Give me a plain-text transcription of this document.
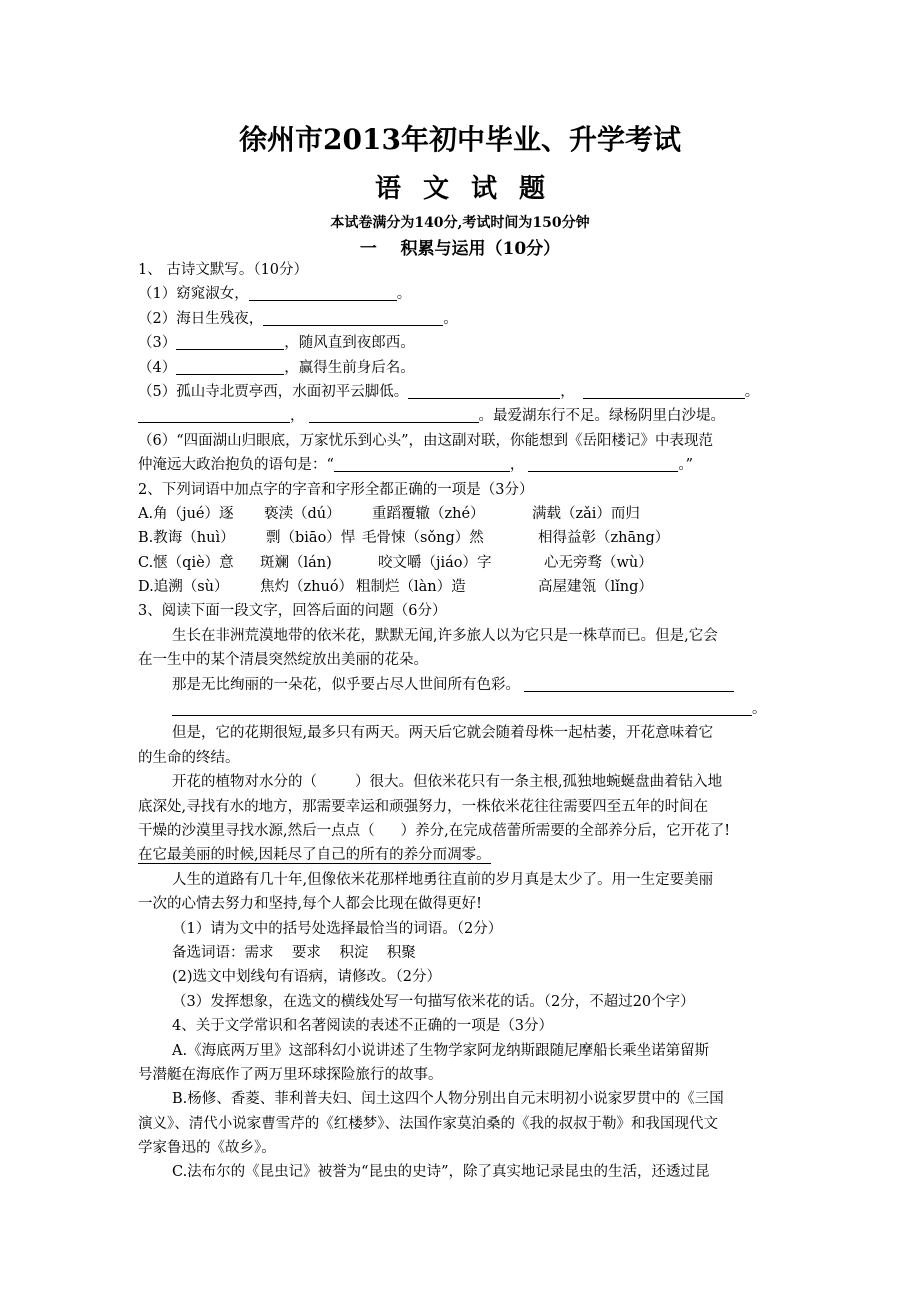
徐州市2013年初中毕业、升学考试
语文试题
本试卷满分为140分,考试时间为150分钟
一    积累与运用（10分）
1、 古诗文默写。（10分）
（1）窈窕淑女，	。
（2）海日生残夜，	。
（3）	，随风直到夜郎西。
（4）	，赢得生前身后名。
（5）孤山寺北贾亭西，水面初平云脚低。	，	。
，	。最爱湖东行不足。绿杨阴里白沙堤。
（6）“四面湖山归眼底，万家忧乐到心头”，由这副对联，你能想到《岳阳楼记》中表现范
仲淹远大政治抱负的语句是：“	，	。”
2、下列词语中加点字的字音和字形全都正确的一项是（3分）
A.角（jué）逐 亵渎（dú） 重蹈覆辙（zhé）	满载（zǎi）而归
B.教诲（huì） 剽（biāo）悍 毛骨悚（sǒng）然	相得益彰（zhāng）
C.惬（qiè）意 斑斓（lán)	咬文嚼（jiáo）字	心无旁骛（wù）
D.追溯（sù） 焦灼（zhuó） 粗制烂（làn）造	高屋建瓴（lǐng）
3、阅读下面一段文字，回答后面的问题（6分）
生长在非洲荒漠地带的依米花，默默无闻,许多旅人以为它只是一株草而已。但是,它会
在一生中的某个清晨突然绽放出美丽的花朵。
那是无比绚丽的一朵花，似乎要占尽人世间所有色彩。
。
但是，它的花期很短,最多只有两天。两天后它就会随着母株一起枯萎，开花意味着它
的生命的终结。
开花的植物对水分的（	）很大。但依米花只有一条主根,孤独地蜿蜒盘曲着钻入地
底深处,寻找有水的地方，那需要幸运和顽强努力，一株依米花往往需要四至五年的时间在
干燥的沙漠里寻找水源,然后一点点（ ）养分,在完成蓓蕾所需要的全部养分后，它开花了!
在它最美丽的时候,因耗尽了自己的所有的养分而凋零。
人生的道路有几十年,但像依米花那样地勇往直前的岁月真是太少了。用一生定要美丽
一次的心情去努力和坚持,每个人都会比现在做得更好!
（1）请为文中的括号处选择最恰当的词语。（2分）
备选词语：需求    要求    积淀    积聚
(2)选文中划线句有语病，请修改。（2分）
（3）发挥想象，在选文的横线处写一句描写依米花的话。（2分，不超过20个字）
4、关于文学常识和名著阅读的表述不正确的一项是（3分）
A.《海底两万里》这部科幻小说讲述了生物学家阿龙纳斯跟随尼摩船长乘坐诺第留斯
号潜艇在海底作了两万里环球探险旅行的故事。
B.杨修、香菱、菲利普夫妇、闰土这四个人物分别出自元末明初小说家罗贯中的《三国
演义》、清代小说家曹雪芹的《红楼梦》、法国作家莫泊桑的《我的叔叔于勒》和我国现代文
学家鲁迅的《故乡》。
C.法布尔的《昆虫记》被誉为“昆虫的史诗”，除了真实地记录昆虫的生活，还透过昆
